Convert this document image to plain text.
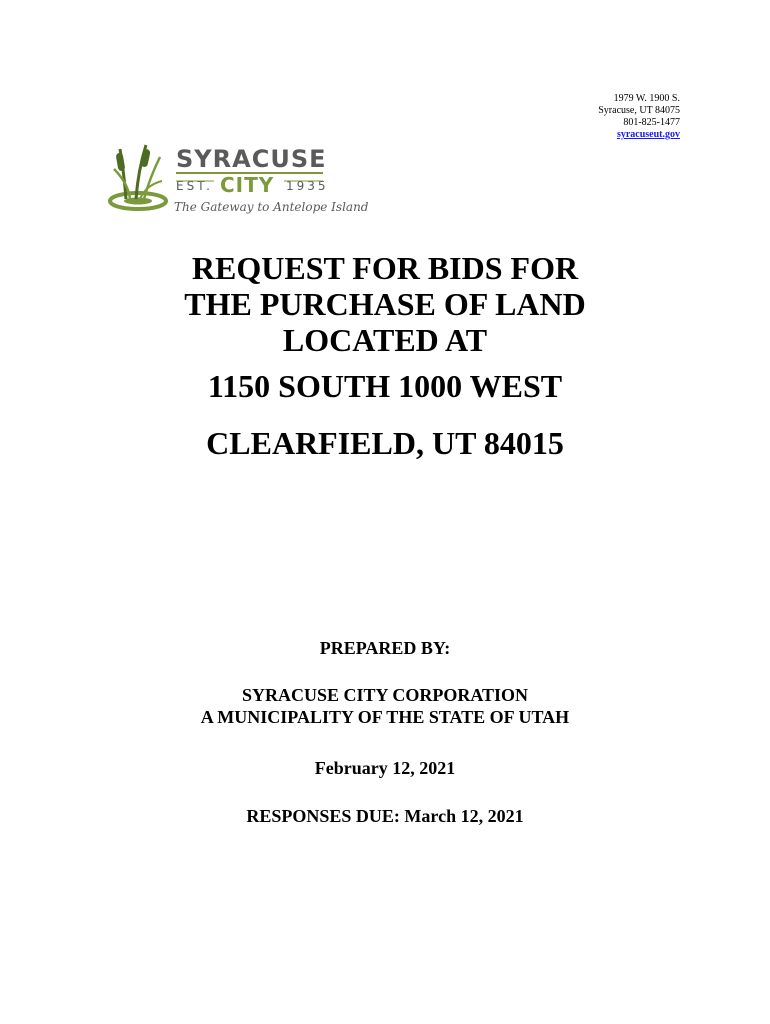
1979 W. 1900 S.
Syracuse, UT 84075
801-825-1477
syracuseut.gov
SYRACUSE
EST. CITY 1935
The Gateway to Antelope Island
REQUEST FOR BIDS FOR
THE PURCHASE OF LAND
LOCATED AT
1150 SOUTH 1000 WEST
CLEARFIELD, UT 84015
PREPARED BY:
SYRACUSE CITY CORPORATION
A MUNICIPALITY OF THE STATE OF UTAH
February 12, 2021
RESPONSES DUE: March 12, 2021
